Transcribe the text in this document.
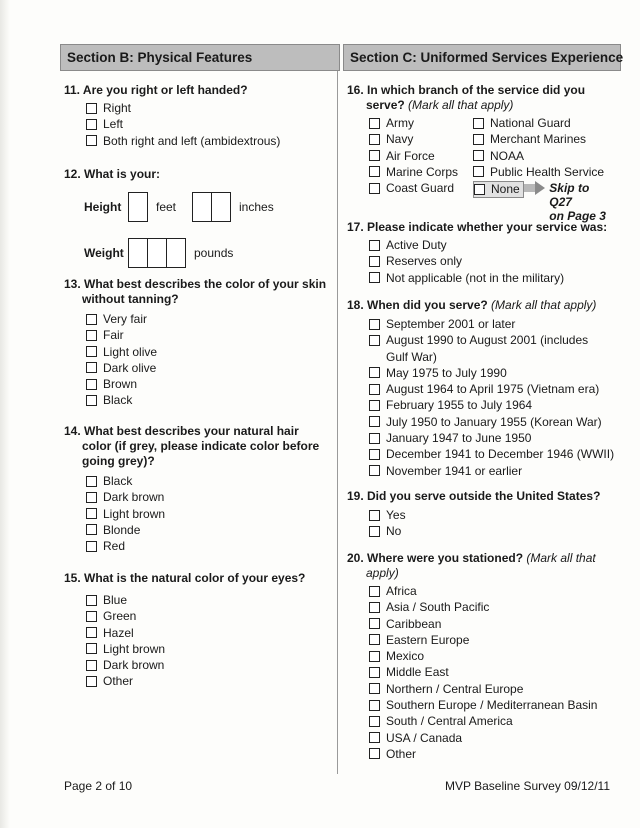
Section B: Physical Features
11. Are you right or left handed?
Right
Left
Both right and left (ambidextrous)
12. What is your:
Height	feet	inches
Weight	pounds
13. What best describes the color of your skin
without tanning?
Very fair
Fair
Light olive
Dark olive
Brown
Black
14. What best describes your natural hair
color (if grey, please indicate color before
going grey)?
Black
Dark brown
Light brown
Blonde
Red
15. What is the natural color of your eyes?
Blue
Green
Hazel
Light brown
Dark brown
Other
Section C: Uniformed Services Experience
16. In which branch of the service did you
serve? (Mark all that apply)
Army
Navy
Air Force
Marine Corps
Coast Guard
National Guard
Merchant Marines
NOAA
Public Health Service
None Skip to Q27
on Page 3
17. Please indicate whether your service was:
Active Duty
Reserves only
Not applicable (not in the military)
18. When did you serve? (Mark all that apply)
September 2001 or later
August 1990 to August 2001 (includes
Gulf War)
May 1975 to July 1990
August 1964 to April 1975 (Vietnam era)
February 1955 to July 1964
July 1950 to January 1955 (Korean War)
January 1947 to June 1950
December 1941 to December 1946 (WWII)
November 1941 or earlier
19. Did you serve outside the United States?
Yes
No
20. Where were you stationed? (Mark all that
apply)
Africa
Asia / South Pacific
Caribbean
Eastern Europe
Mexico
Middle East
Northern / Central Europe
Southern Europe / Mediterranean Basin
South / Central America
USA / Canada
Other
Page 2 of 10	MVP Baseline Survey 09/12/11
